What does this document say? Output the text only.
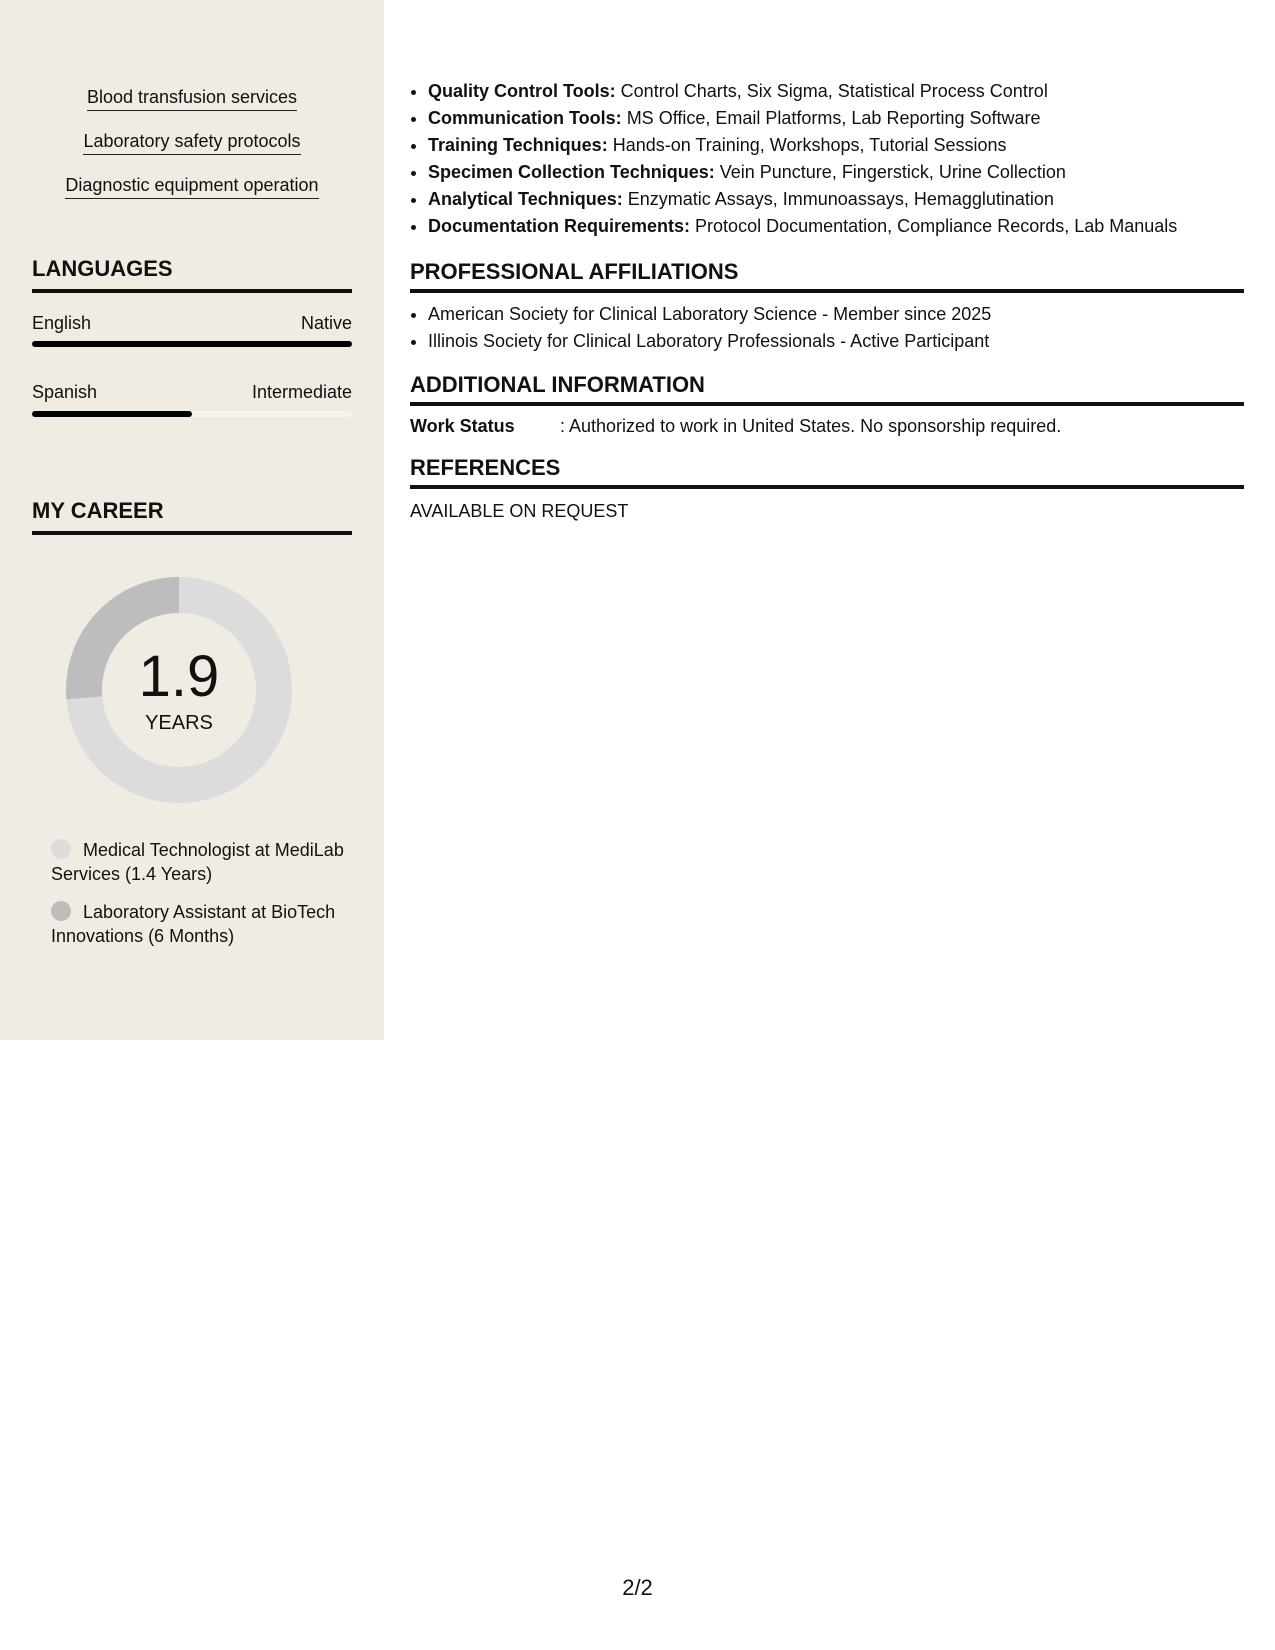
Blood transfusion services
Laboratory safety protocols
Diagnostic equipment operation
LANGUAGES
English	Native
Spanish	Intermediate
MY CAREER
1.9
YEARS
Medical Technologist at MediLab Services (1.4 Years)
Laboratory Assistant at BioTech Innovations (6 Months)
• Quality Control Tools: Control Charts, Six Sigma, Statistical Process Control
• Communication Tools: MS Office, Email Platforms, Lab Reporting Software
• Training Techniques: Hands-on Training, Workshops, Tutorial Sessions
• Specimen Collection Techniques: Vein Puncture, Fingerstick, Urine Collection
• Analytical Techniques: Enzymatic Assays, Immunoassays, Hemagglutination
• Documentation Requirements: Protocol Documentation, Compliance Records, Lab Manuals
PROFESSIONAL AFFILIATIONS
• American Society for Clinical Laboratory Science - Member since 2025
• Illinois Society for Clinical Laboratory Professionals - Active Participant
ADDITIONAL INFORMATION
Work Status	: Authorized to work in United States. No sponsorship required.
REFERENCES
AVAILABLE ON REQUEST
2/2
